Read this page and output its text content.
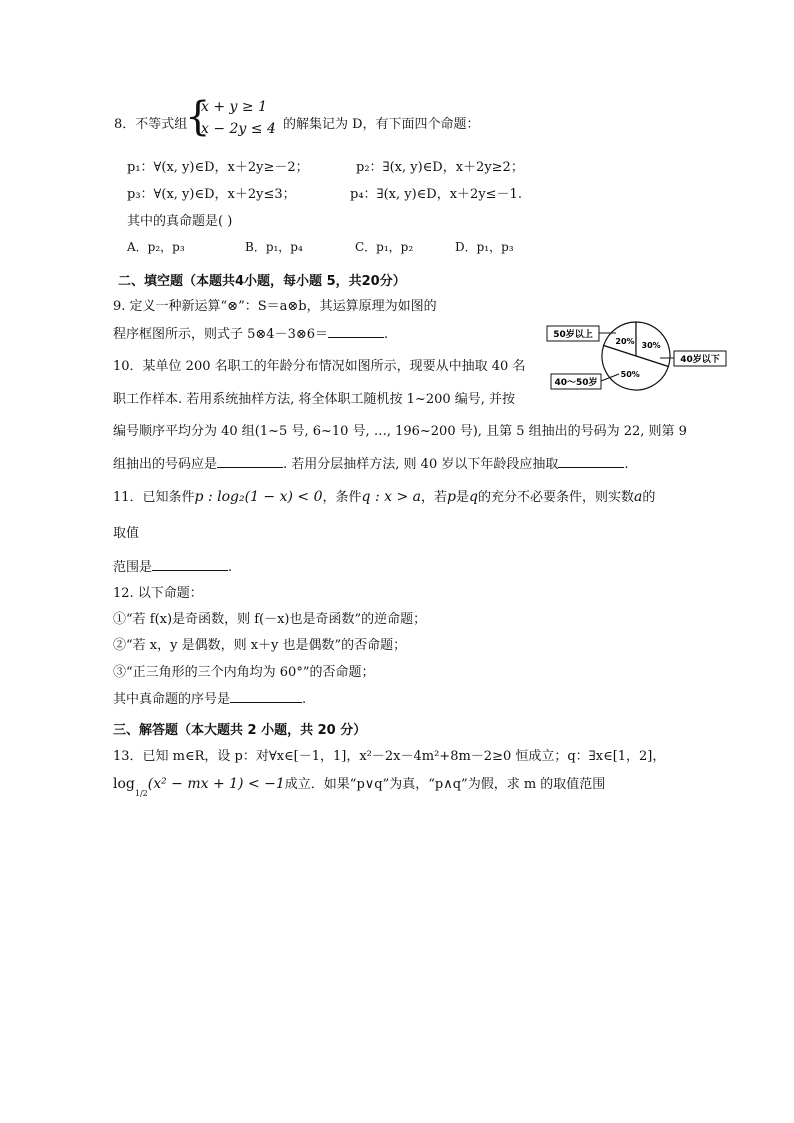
8．不等式组
{
x + y ≥ 1
x − 2y ≤ 4
，的解集记为 D，有下面四个命题：
p₁：∀(x, y)∈D，x＋2y≥－2；	p₂：∃(x, y)∈D，x＋2y≥2；
p₃：∀(x, y)∈D，x＋2y≤3；	p₄：∃(x, y)∈D，x＋2y≤－1.
其中的真命题是( )
A．p₂，p₃	B．p₁，p₄	C．p₁，p₂	D．p₁，p₃
二、填空题（本题共4小题，每小题 5，共20分）
9. 定义一种新运算“⊗”：S＝a⊗b，其运算原理为如图的
程序框图所示，则式子 5⊗4－3⊗6＝	.	20% 30%
50%
50岁以上
40～50岁
40岁以下
10．某单位 200 名职工的年龄分布情况如图所示，现要从中抽取 40 名
职工作样本. 若用系统抽样方法, 将全体职工随机按 1~200 编号, 并按
编号顺序平均分为 40 组(1~5 号, 6~10 号, …, 196~200 号), 且第 5 组抽出的号码为 22, 则第 9
组抽出的号码应是	. 若用分层抽样方法, 则 40 岁以下年龄段应抽取	.
11．已知条件p : log₂(1 − x) < 0，条件q : x > a，若p是q的充分不必要条件，则实数a的
取值
范围是	.
12. 以下命题：
①“若 f(x)是奇函数，则 f(－x)也是奇函数”的逆命题；
②“若 x，y 是偶数，则 x＋y 也是偶数”的否命题；
③“正三角形的三个内角均为 60°”的否命题；
其中真命题的序号是	.
三、解答题（本大题共 2 小题，共 20 分）
13．已知 m∈R，设 p：对∀x∈[－1，1]，x²－2x－4m²+8m－2≥0 恒成立；q：∃x∈[1，2]，
$\log_{1/2}(x^2$ − mx + 1) < −1成立．如果“p∨q”为真，“p∧q”为假，求 m 的取值范围
